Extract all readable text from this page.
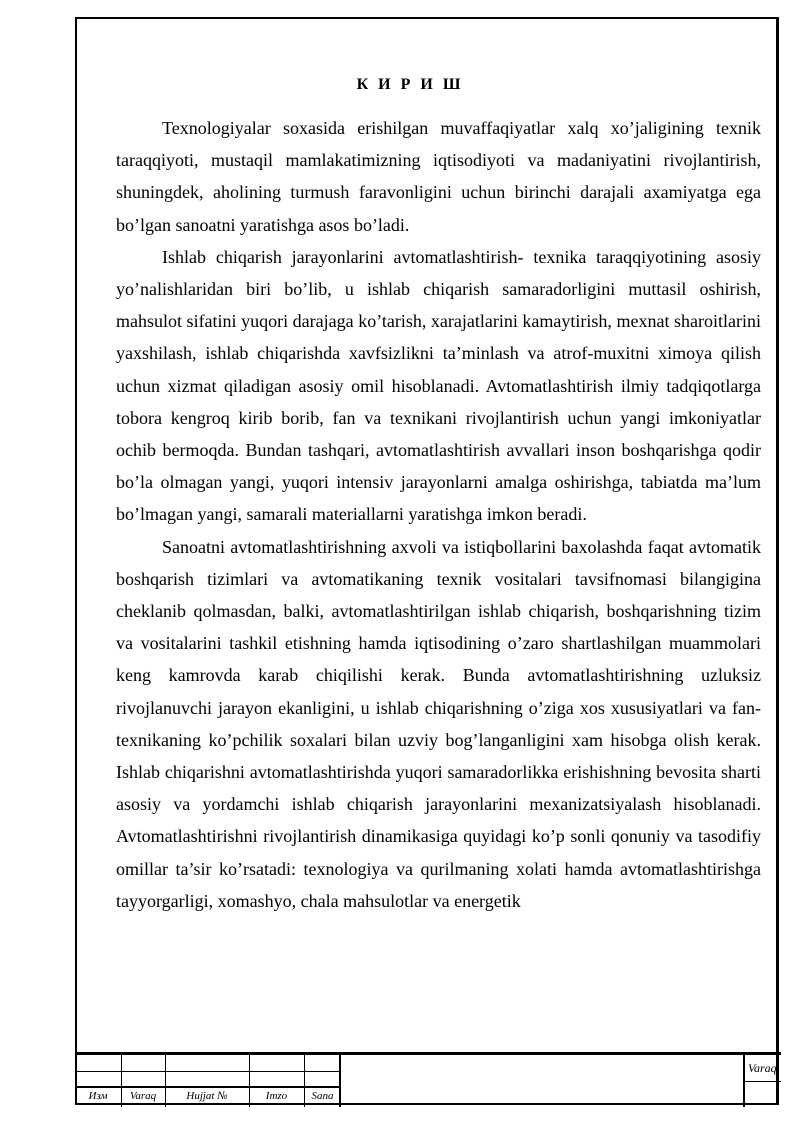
К И Р И Ш

Texnologiyalar soxasida erishilgan muvaffaqiyatlar xalq xo’jaligining texnik taraqqiyoti, mustaqil mamlakatimizning iqtisodiyoti va madaniyatini rivojlantirish, shuningdek, aholining turmush faravonligini uchun birinchi darajali axamiyatga ega bo’lgan sanoatni yaratishga asos bo’ladi.

Ishlab chiqarish jarayonlarini avtomatlashtirish- texnika taraqqiyotining asosiy yo’nalishlaridan biri bo’lib, u ishlab chiqarish samaradorligini muttasil oshirish, mahsulot sifatini yuqori darajaga ko’tarish, xarajatlarini kamaytirish, mexnat sharoitlarini yaxshilash, ishlab chiqarishda xavfsizlikni ta’minlash va atrof-muxitni ximoya qilish uchun xizmat qiladigan asosiy omil hisoblanadi. Avtomatlashtirish ilmiy tadqiqotlarga tobora kengroq kirib borib, fan va texnikani rivojlantirish uchun yangi imkoniyatlar ochib bermoqda. Bundan tashqari, avtomatlashtirish avvallari inson boshqarishga qodir bo’la olmagan yangi, yuqori intensiv jarayonlarni amalga oshirishga, tabiatda ma’lum bo’lmagan yangi, samarali materiallarni yaratishga imkon beradi.

Sanoatni avtomatlashtirishning axvoli va istiqbollarini baxolashda faqat avtomatik boshqarish tizimlari va avtomatikaning texnik vositalari tavsifnomasi bilangigina cheklanib qolmasdan, balki, avtomatlashtirilgan ishlab chiqarish, boshqarishning tizim va vositalarini tashkil etishning hamda iqtisodining o’zaro shartlashilgan muammolari keng kamrovda karab chiqilishi kerak. Bunda avtomatlashtirishning uzluksiz rivojlanuvchi jarayon ekanligini, u ishlab chiqarishning o’ziga xos xususiyatlari va fan-texnikaning ko’pchilik soxalari bilan uzviy bog’langanligini xam hisobga olish kerak. Ishlab chiqarishni avtomatlashtirishda yuqori samaradorlikka erishishning bevosita sharti asosiy va yordamchi ishlab chiqarish jarayonlarini mexanizatsiyalash hisoblanadi. Avtomatlashtirishni rivojlantirish dinamikasiga quyidagi ko’p sonli qonuniy va tasodifiy omillar ta’sir ko’rsatadi: texnologiya va qurilmaning xolati hamda avtomatlashtirishga tayyorgarligi, xomashyo, chala mahsulotlar va energetik

Изм	Varaq	Hujjat №	Imzo	Sana
Varaq
